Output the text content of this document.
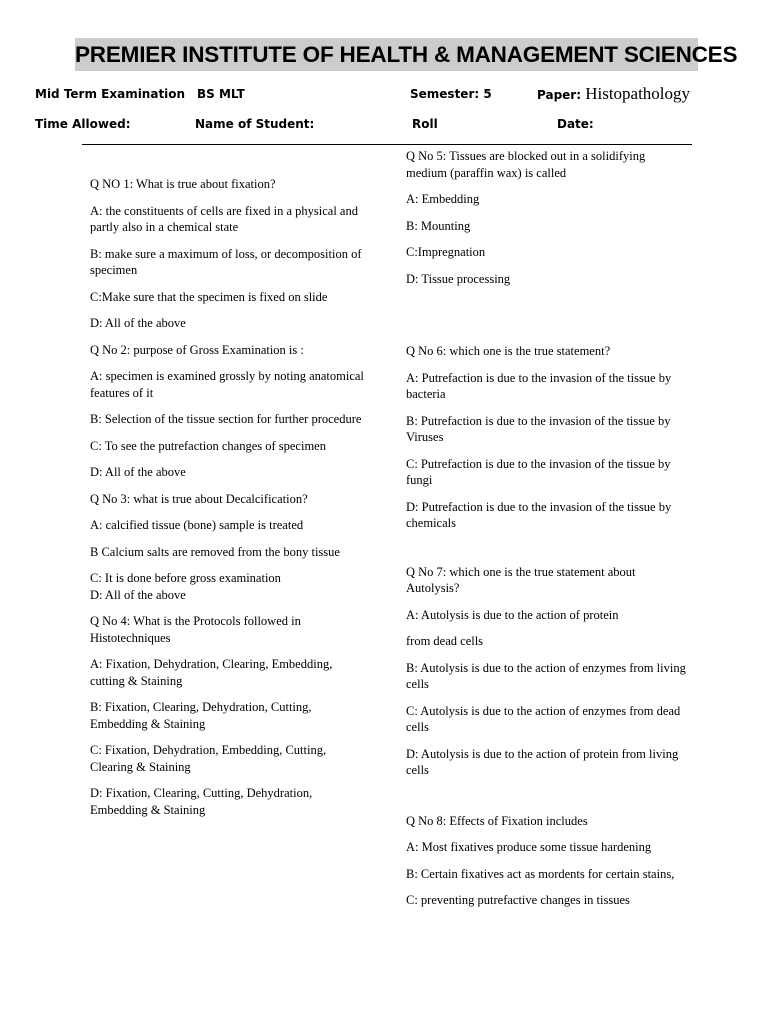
PREMIER INSTITUTE OF HEALTH & MANAGEMENT SCIENCES
Mid Term Examination BS MLT	Semester: 5	Paper: Histopathology
Time Allowed:	Name of Student:	Roll	Date:
Q NO 1: What is true about fixation?
A: the constituents of cells are fixed in a physical and partly also in a chemical state
B: make sure a maximum of loss, or decomposition of specimen
C:Make sure that the specimen is fixed on slide
D: All of the above
Q No 2: purpose of Gross Examination is :
A: specimen is examined grossly by noting anatomical features of it
B: Selection of the tissue section for further procedure
C: To see the putrefaction changes of specimen
D: All of the above
Q No 3: what is true about Decalcification?
A: calcified tissue (bone) sample is treated
B Calcium salts are removed from the bony tissue
C: It is done before gross examination
D: All of the above
Q No 4: What is the Protocols followed in Histotechniques
A: Fixation, Dehydration, Clearing, Embedding, cutting & Staining
B: Fixation, Clearing, Dehydration, Cutting, Embedding & Staining
C: Fixation, Dehydration, Embedding, Cutting, Clearing & Staining
D: Fixation, Clearing, Cutting, Dehydration, Embedding & Staining
Q No 5: Tissues are blocked out in a solidifying medium (paraffin wax) is called
A: Embedding
B: Mounting
C:Impregnation
D: Tissue processing
Q No 6: which one is the true statement?
A: Putrefaction is due to the invasion of the tissue by bacteria
B: Putrefaction is due to the invasion of the tissue by Viruses
C: Putrefaction is due to the invasion of the tissue by fungi
D: Putrefaction is due to the invasion of the tissue by chemicals
Q No 7: which one is the true statement about Autolysis?
A: Autolysis is due to the action of protein
from dead cells
B: Autolysis is due to the action of enzymes from living cells
C: Autolysis is due to the action of enzymes from dead cells
D: Autolysis is due to the action of protein from living cells
Q No 8: Effects of Fixation includes
A: Most fixatives produce some tissue hardening
B: Certain fixatives act as mordents for certain stains,
C: preventing putrefactive changes in tissues
